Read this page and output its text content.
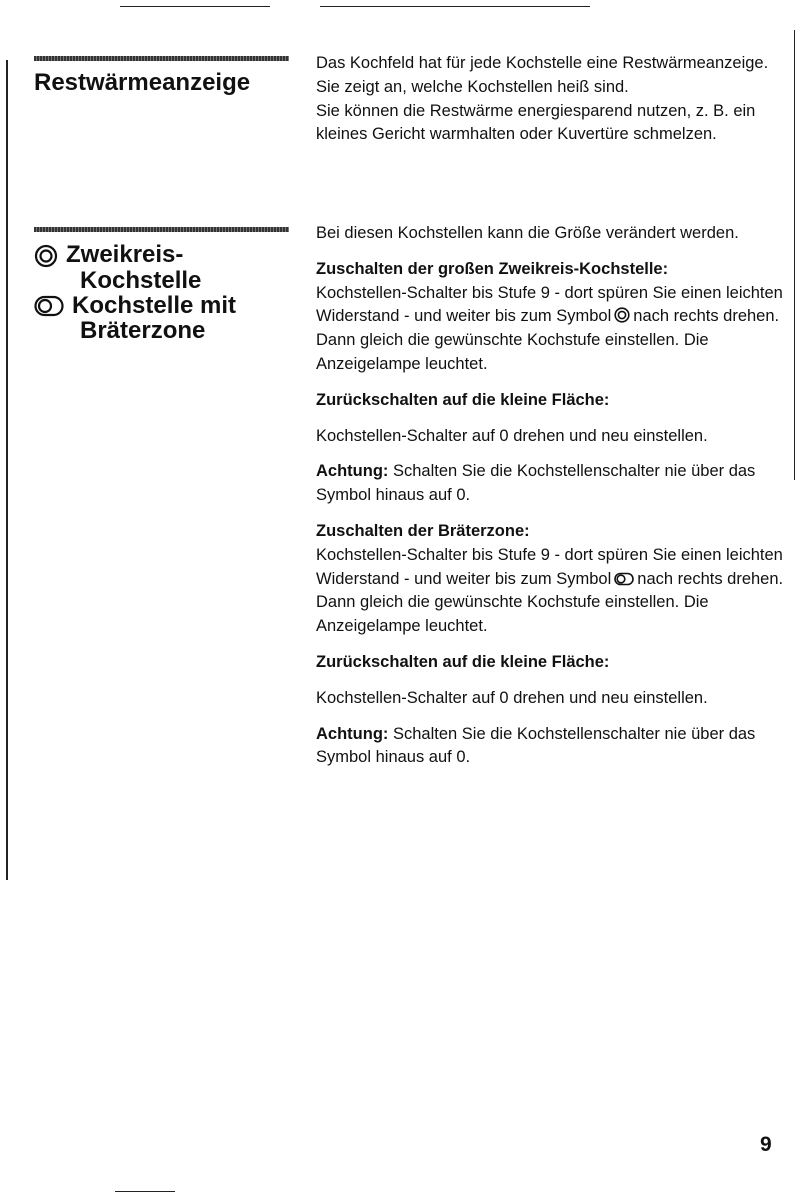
Restwärmeanzeige

Das Kochfeld hat für jede Kochstelle eine Restwärmeanzeige. Sie zeigt an, welche Kochstellen heiß sind.

Sie können die Restwärme energiesparend nutzen, z. B. ein kleines Gericht warmhalten oder Kuvertüre schmelzen.

Zweikreis-
Kochstelle
Kochstelle mit
Bräterzone

Bei diesen Kochstellen kann die Größe verändert werden.

Zuschalten der großen Zweikreis-Kochstelle:

Kochstellen-Schalter bis Stufe 9 - dort spüren Sie einen leichten Widerstand - und weiter bis zum Symbol nach rechts drehen. Dann gleich die gewünschte Kochstufe einstellen. Die Anzeigelampe leuchtet.

Zurückschalten auf die kleine Fläche:

Kochstellen-Schalter auf 0 drehen und neu einstellen.

Achtung: Schalten Sie die Kochstellenschalter nie über das Symbol hinaus auf 0.

Zuschalten der Bräterzone:

Kochstellen-Schalter bis Stufe 9 - dort spüren Sie einen leichten Widerstand - und weiter bis zum Symbol nach rechts drehen. Dann gleich die gewünschte Kochstufe einstellen. Die Anzeigelampe leuchtet.

Zurückschalten auf die kleine Fläche:

Kochstellen-Schalter auf 0 drehen und neu einstellen.

Achtung: Schalten Sie die Kochstellenschalter nie über das Symbol hinaus auf 0.

9
